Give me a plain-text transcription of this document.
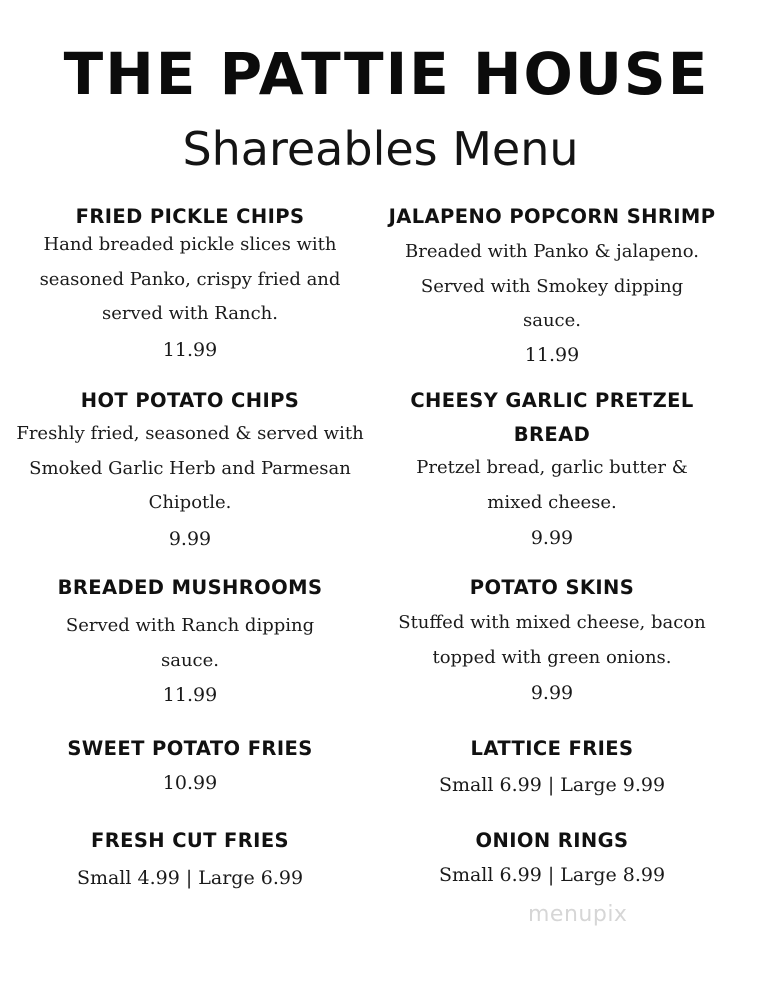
THE PATTIE HOUSE
Shareables Menu
FRIED PICKLE CHIPS
Hand breaded pickle slices with seasoned Panko, crispy fried and served with Ranch.
11.99
JALAPENO POPCORN SHRIMP
Breaded with Panko & jalapeno. Served with Smokey dipping sauce.
11.99
HOT POTATO CHIPS
Freshly fried, seasoned & served with Smoked Garlic Herb and Parmesan Chipotle.
9.99
CHEESY GARLIC PRETZEL BREAD
Pretzel bread, garlic butter & mixed cheese.
9.99
BREADED MUSHROOMS
Served with Ranch dipping sauce.
11.99
POTATO SKINS
Stuffed with mixed cheese, bacon topped with green onions.
9.99
SWEET POTATO FRIES
10.99
LATTICE FRIES
Small 6.99 | Large 9.99
FRESH CUT FRIES
Small 4.99 | Large 6.99
ONION RINGS
Small 6.99 | Large 8.99
menupix
